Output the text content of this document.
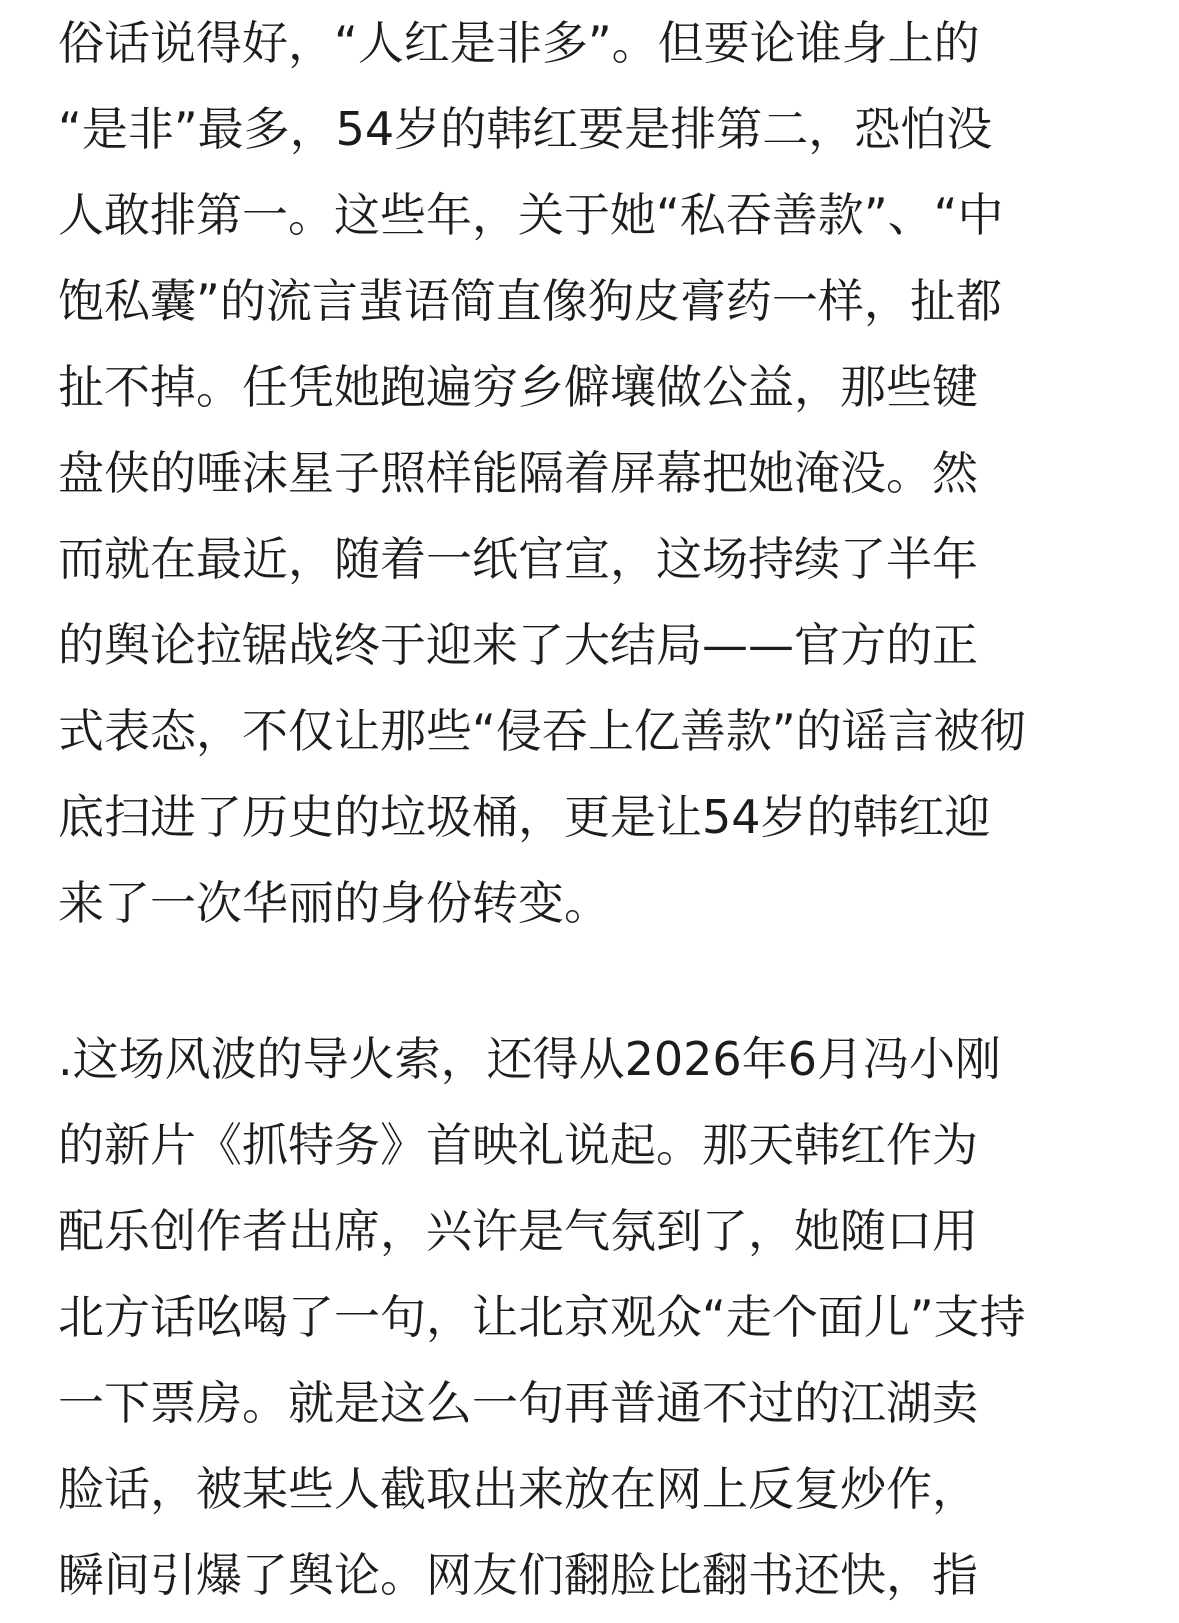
俗话说得好，“人红是非多”。但要论谁身上的
“是非”最多，54岁的韩红要是排第二，恐怕没
人敢排第一。这些年，关于她“私吞善款”、“中
饱私囊”的流言蜚语简直像狗皮膏药一样，扯都
扯不掉。任凭她跑遍穷乡僻壤做公益，那些键
盘侠的唾沫星子照样能隔着屏幕把她淹没。然
而就在最近，随着一纸官宣，这场持续了半年
的舆论拉锯战终于迎来了大结局——官方的正
式表态，不仅让那些“侵吞上亿善款”的谣言被彻
底扫进了历史的垃圾桶，更是让54岁的韩红迎
来了一次华丽的身份转变。
.这场风波的导火索，还得从2026年6月冯小刚
的新片《抓特务》首映礼说起。那天韩红作为
配乐创作者出席，兴许是气氛到了，她随口用
北方话吆喝了一句，让北京观众“走个面儿”支持
一下票房。就是这么一句再普通不过的江湖卖
脸话，被某些人截取出来放在网上反复炒作，
瞬间引爆了舆论。网友们翻脸比翻书还快，指
